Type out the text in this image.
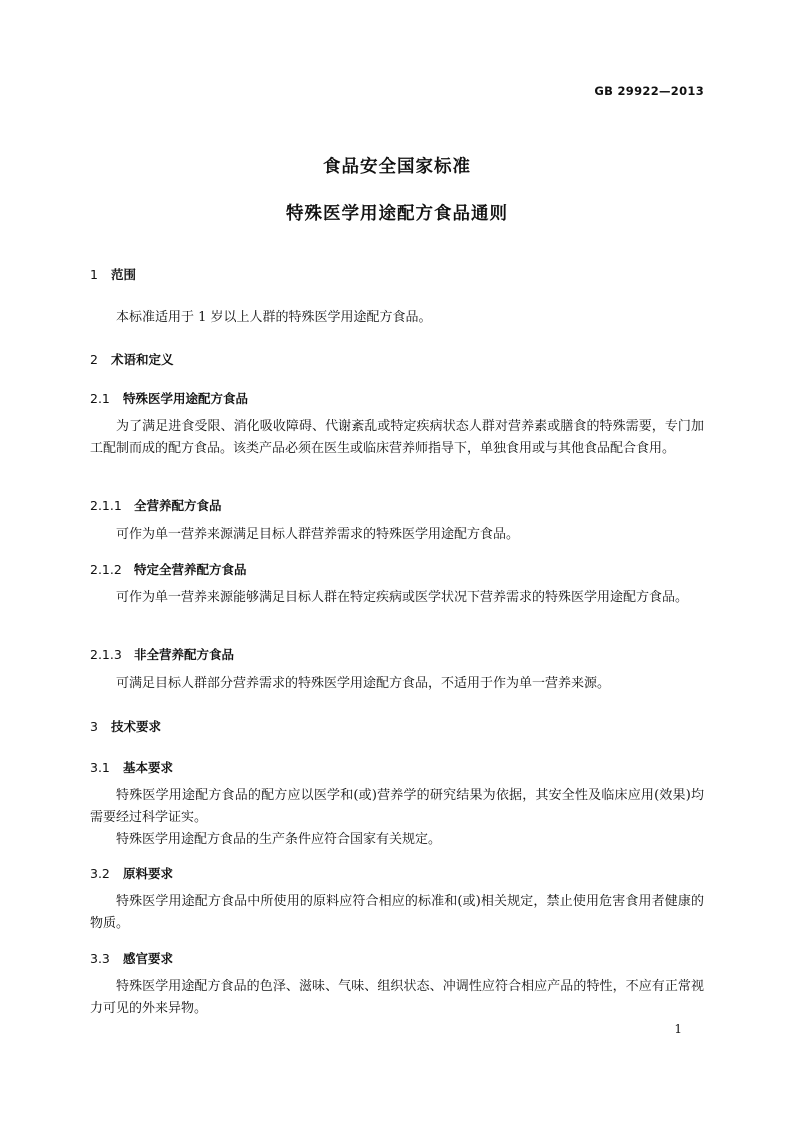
GB 29922—2013
食品安全国家标准
特殊医学用途配方食品通则
1 范围
本标准适用于 1 岁以上人群的特殊医学用途配方食品。
2 术语和定义
2.1 特殊医学用途配方食品
为了满足进食受限、消化吸收障碍、代谢紊乱或特定疾病状态人群对营养素或膳食的特殊需要，专门加工配制而成的配方食品。该类产品必须在医生或临床营养师指导下，单独食用或与其他食品配合食用。
2.1.1 全营养配方食品
可作为单一营养来源满足目标人群营养需求的特殊医学用途配方食品。
2.1.2 特定全营养配方食品
可作为单一营养来源能够满足目标人群在特定疾病或医学状况下营养需求的特殊医学用途配方食品。
2.1.3 非全营养配方食品
可满足目标人群部分营养需求的特殊医学用途配方食品，不适用于作为单一营养来源。
3 技术要求
3.1 基本要求
特殊医学用途配方食品的配方应以医学和(或)营养学的研究结果为依据，其安全性及临床应用(效果)均需要经过科学证实。
特殊医学用途配方食品的生产条件应符合国家有关规定。
3.2 原料要求
特殊医学用途配方食品中所使用的原料应符合相应的标准和(或)相关规定，禁止使用危害食用者健康的物质。
3.3 感官要求
特殊医学用途配方食品的色泽、滋味、气味、组织状态、冲调性应符合相应产品的特性，不应有正常视力可见的外来异物。
1
